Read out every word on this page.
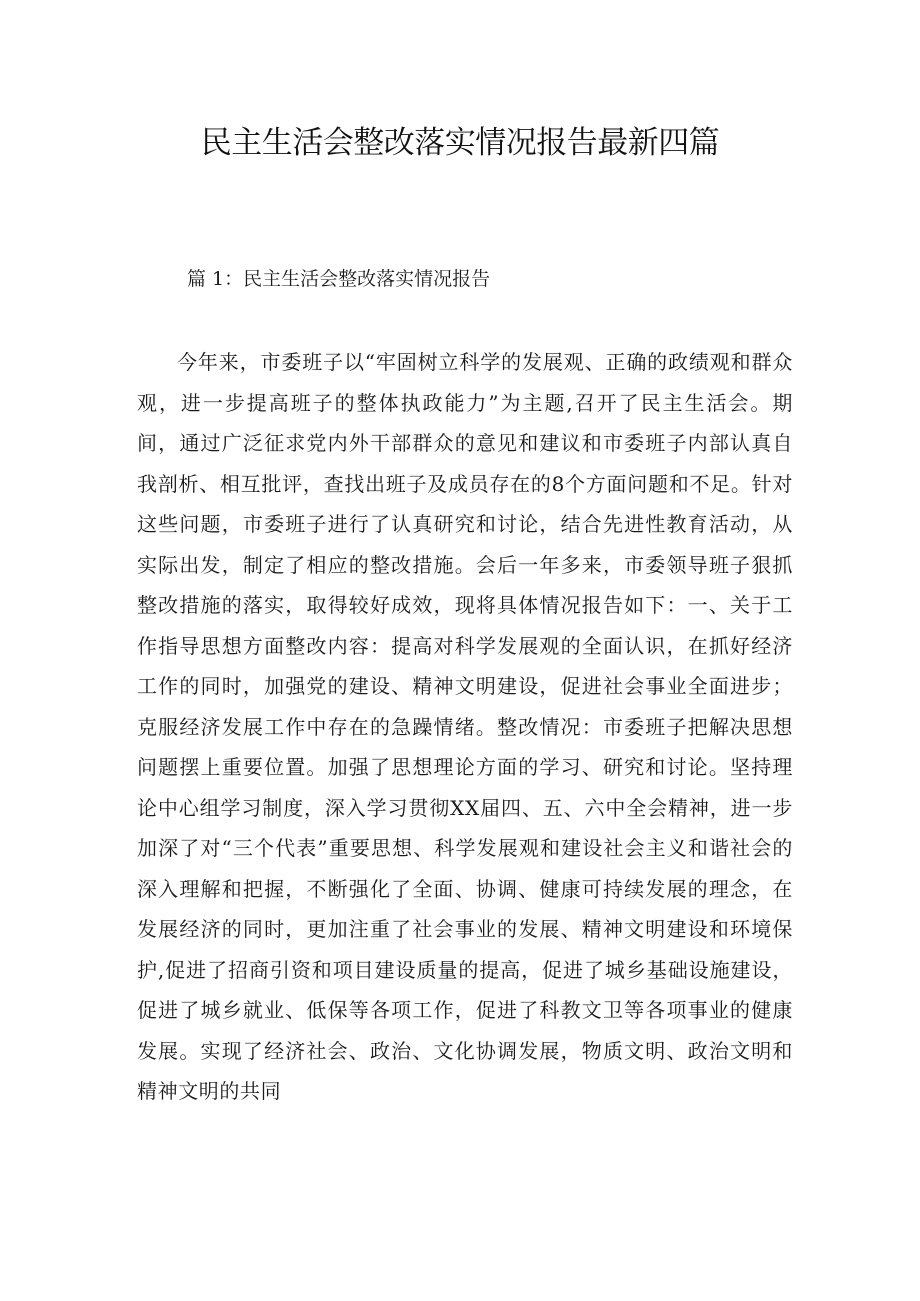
民主生活会整改落实情况报告最新四篇
篇 1：民主生活会整改落实情况报告

今年来，市委班子以“牢固树立科学的发展观、正确的政绩观和群众观，进一步提高班子的整体执政能力”为主题,召开了民主生活会。期间，通过广泛征求党内外干部群众的意见和建议和市委班子内部认真自我剖析、相互批评，查找出班子及成员存在的8个方面问题和不足。针对这些问题，市委班子进行了认真研究和讨论，结合先进性教育活动，从实际出发，制定了相应的整改措施。会后一年多来，市委领导班子狠抓整改措施的落实，取得较好成效，现将具体情况报告如下：一、关于工作指导思想方面整改内容：提高对科学发展观的全面认识，在抓好经济工作的同时，加强党的建设、精神文明建设，促进社会事业全面进步；克服经济发展工作中存在的急躁情绪。整改情况：市委班子把解决思想问题摆上重要位置。加强了思想理论方面的学习、研究和讨论。坚持理论中心组学习制度，深入学习贯彻XX届四、五、六中全会精神，进一步加深了对“三个代表”重要思想、科学发展观和建设社会主义和谐社会的深入理解和把握，不断强化了全面、协调、健康可持续发展的理念，在发展经济的同时，更加注重了社会事业的发展、精神文明建设和环境保护,促进了招商引资和项目建设质量的提高，促进了城乡基础设施建设，促进了城乡就业、低保等各项工作，促进了科教文卫等各项事业的健康发展。实现了经济社会、政治、文化协调发展，物质文明、政治文明和精神文明的共同
